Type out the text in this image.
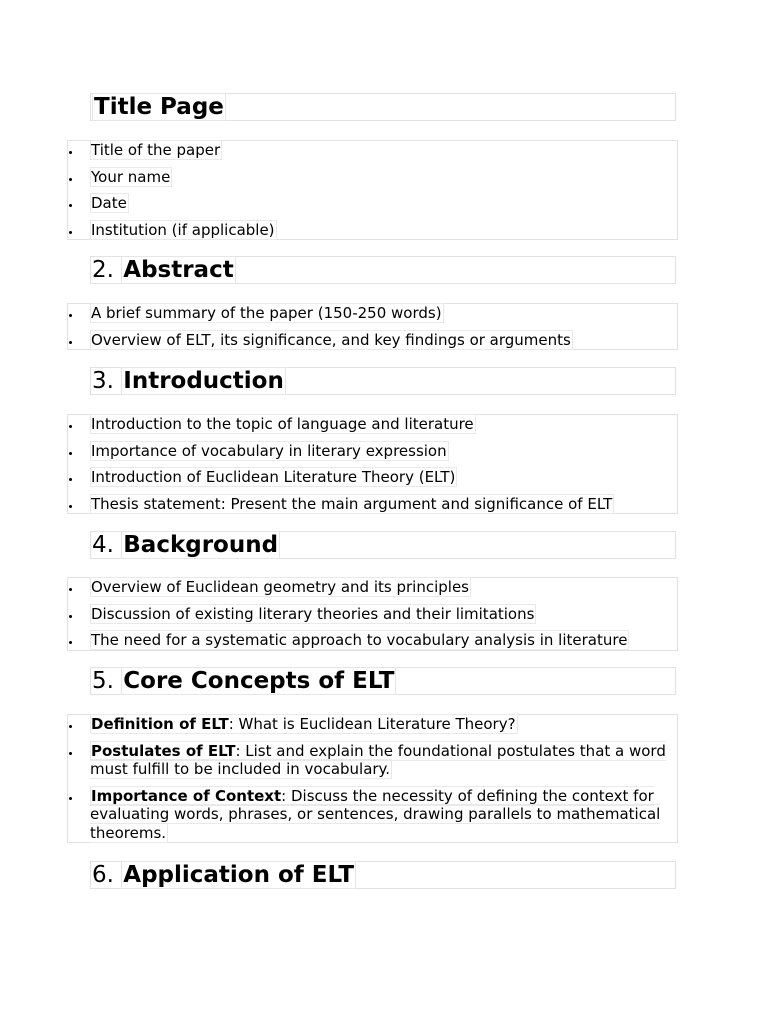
Title Page
Title of the paper
Your name
Date
Institution (if applicable)
2. Abstract
A brief summary of the paper (150-250 words)
Overview of ELT, its significance, and key findings or arguments
3. Introduction
Introduction to the topic of language and literature
Importance of vocabulary in literary expression
Introduction of Euclidean Literature Theory (ELT)
Thesis statement: Present the main argument and significance of ELT
4. Background
Overview of Euclidean geometry and its principles
Discussion of existing literary theories and their limitations
The need for a systematic approach to vocabulary analysis in literature
5. Core Concepts of ELT
Definition of ELT: What is Euclidean Literature Theory?
Postulates of ELT: List and explain the foundational postulates that a word must fulfill to be included in vocabulary.
Importance of Context: Discuss the necessity of defining the context for evaluating words, phrases, or sentences, drawing parallels to mathematical theorems.
6. Application of ELT
